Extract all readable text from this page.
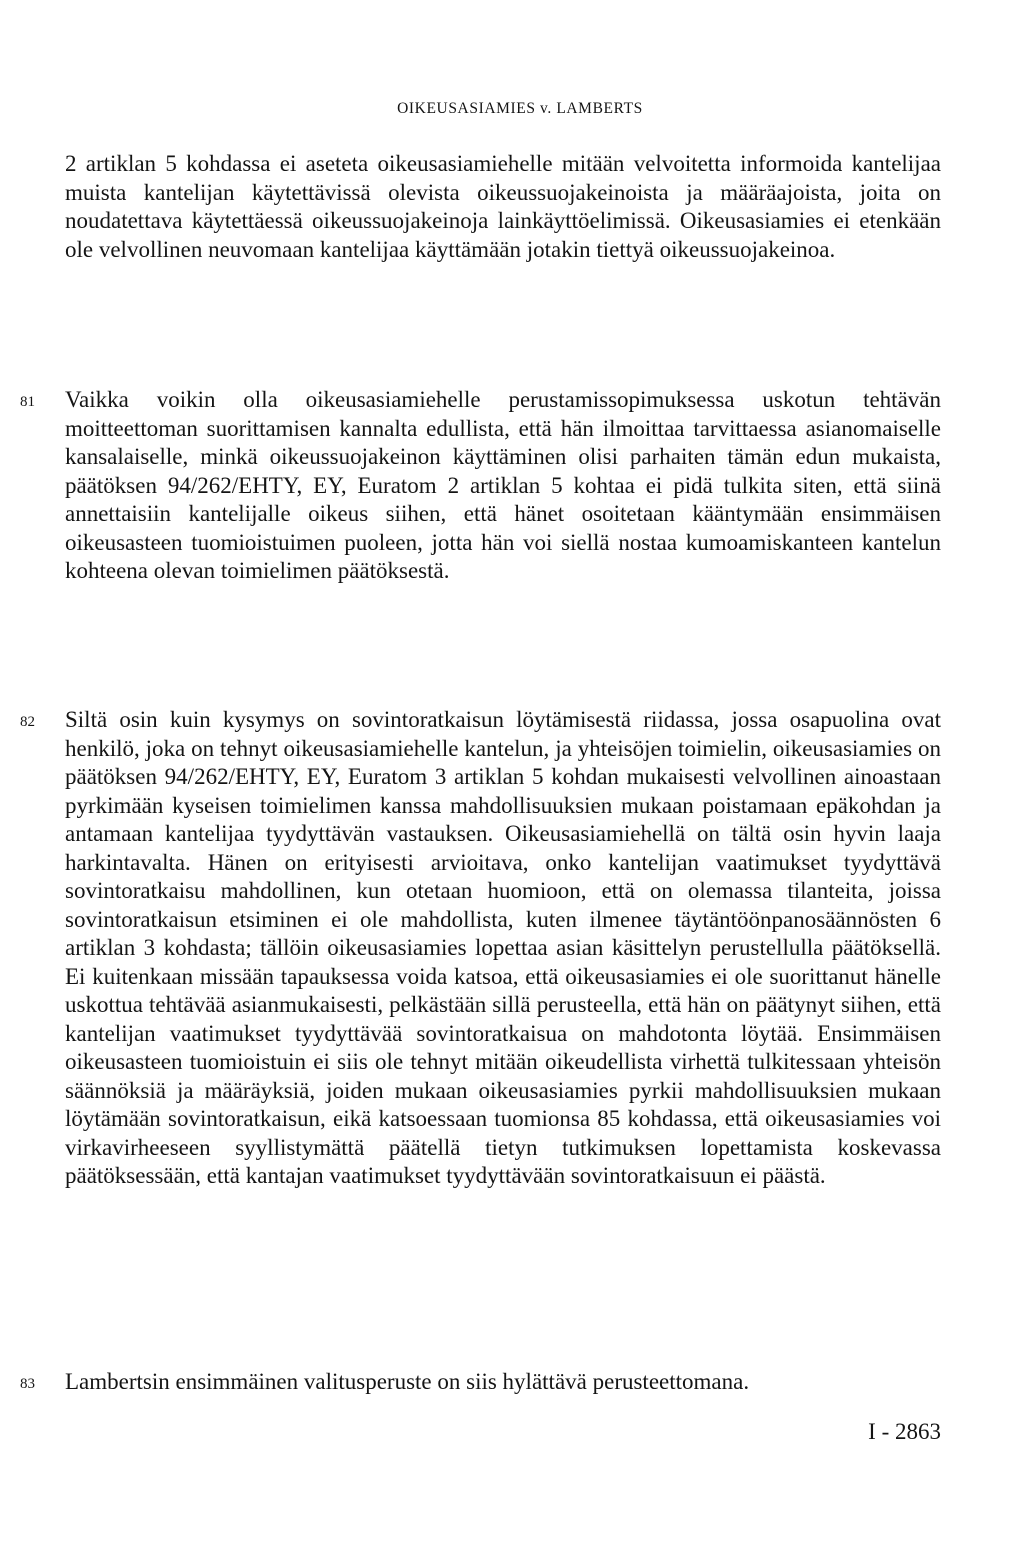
OIKEUSASIAMIES v. LAMBERTS

2 artiklan 5 kohdassa ei aseteta oikeusasiamiehelle mitään velvoitetta informoida kantelijaa muista kantelijan käytettävissä olevista oikeussuojakeinoista ja määräajoista, joita on noudatettava käytettäessä oikeussuojakeinoja lainkäyttöelimissä. Oikeusasiamies ei etenkään ole velvollinen neuvomaan kantelijaa käyttämään jotakin tiettyä oikeussuojakeinoa.

81 Vaikka voikin olla oikeusasiamiehelle perustamissopimuksessa uskotun tehtävän moitteettoman suorittamisen kannalta edullista, että hän ilmoittaa tarvittaessa asianomaiselle kansalaiselle, minkä oikeussuojakeinon käyttäminen olisi parhaiten tämän edun mukaista, päätöksen 94/262/EHTY, EY, Euratom 2 artiklan 5 kohtaa ei pidä tulkita siten, että siinä annettaisiin kantelijalle oikeus siihen, että hänet osoitetaan kääntymään ensimmäisen oikeusasteen tuomioistuimen puoleen, jotta hän voi siellä nostaa kumoamiskanteen kantelun kohteena olevan toimielimen päätöksestä.

82 Siltä osin kuin kysymys on sovintoratkaisun löytämisestä riidassa, jossa osapuolina ovat henkilö, joka on tehnyt oikeusasiamiehelle kantelun, ja yhteisöjen toimielin, oikeusasiamies on päätöksen 94/262/EHTY, EY, Euratom 3 artiklan 5 kohdan mukaisesti velvollinen ainoastaan pyrkimään kyseisen toimielimen kanssa mahdollisuuksien mukaan poistamaan epäkohdan ja antamaan kantelijaa tyydyttävän vastauksen. Oikeusasiamiehellä on tältä osin hyvin laaja harkintavalta. Hänen on erityisesti arvioitava, onko kantelijan vaatimukset tyydyttävä sovintoratkaisu mahdollinen, kun otetaan huomioon, että on olemassa tilanteita, joissa sovintoratkaisun etsiminen ei ole mahdollista, kuten ilmenee täytäntöönpanosäännösten 6 artiklan 3 kohdasta; tällöin oikeusasiamies lopettaa asian käsittelyn perustellulla päätöksellä. Ei kuitenkaan missään tapauksessa voida katsoa, että oikeusasiamies ei ole suorittanut hänelle uskottua tehtävää asianmukaisesti, pelkästään sillä perusteella, että hän on päätynyt siihen, että kantelijan vaatimukset tyydyttävää sovintoratkaisua on mahdotonta löytää. Ensimmäisen oikeusasteen tuomioistuin ei siis ole tehnyt mitään oikeudellista virhettä tulkitessaan yhteisön säännöksiä ja määräyksiä, joiden mukaan oikeusasiamies pyrkii mahdollisuuksien mukaan löytämään sovintoratkaisun, eikä katsoessaan tuomionsa 85 kohdassa, että oikeusasiamies voi virkavirheeseen syyllistymättä päätellä tietyn tutkimuksen lopettamista koskevassa päätöksessään, että kantajan vaatimukset tyydyttävään sovintoratkaisuun ei päästä.

83 Lambertsin ensimmäinen valitusperuste on siis hylättävä perusteettomana.

I - 2863
